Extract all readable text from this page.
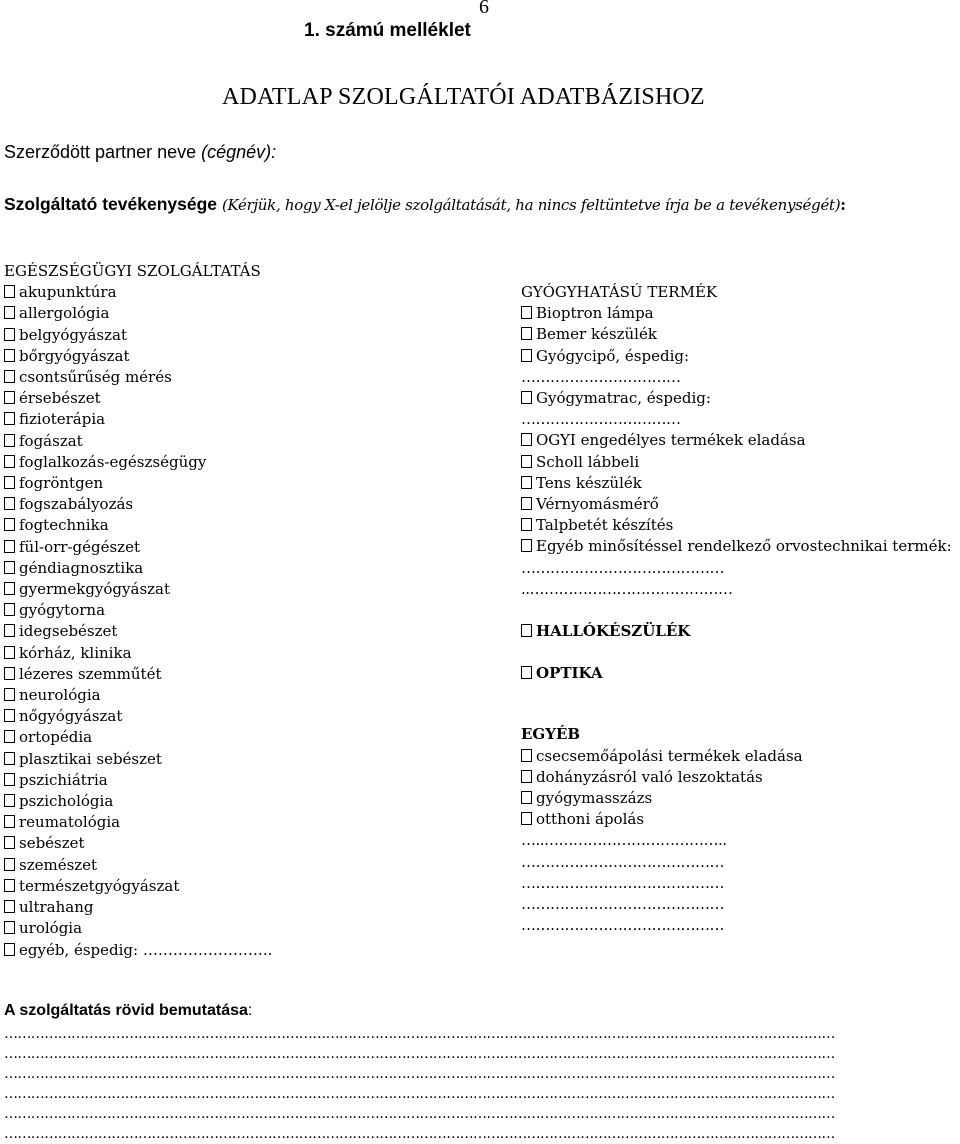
6
1. számú melléklet
ADATLAP SZOLGÁLTATÓI ADATBÁZISHOZ
Szerződött partner neve (cégnév):
Szolgáltató tevékenysége (Kérjük, hogy X-el jelölje szolgáltatását, ha nincs feltüntetve írja be a tevékenységét):
EGÉSZSÉGÜGYI SZOLGÁLTATÁS
akupunktúra
allergológia
belgyógyászat
bőrgyógyászat
csontsűrűség mérés
érsebészet
fizioterápia
fogászat
foglalkozás-egészségügy
fogröntgen
fogszabályozás
fogtechnika
fül-orr-gégészet
géndiagnosztika
gyermekgyógyászat
gyógytorna
idegsebészet
kórház, klinika
lézeres szemműtét
neurológia
nőgyógyászat
ortopédia
plasztikai sebészet
pszichiátria
pszichológia
reumatológia
sebészet
szemészet
természetgyógyászat
ultrahang
urológia
egyéb, éspedig: ……………………..
GYÓGYHATÁSÚ TERMÉK
Bioptron lámpa
Bemer készülék
Gyógycipő, éspedig:
……………………………
Gyógymatrac, éspedig:
……………………………
OGYI engedélyes termékek eladása
Scholl lábbeli
Tens készülék
Vérnyomásmérő
Talpbetét készítés
Egyéb minősítéssel rendelkező orvostechnikai termék:
……………………………………
..……………………………………
HALLÓKÉSZÜLÉK
OPTIKA
EGYÉB
csecsemőápolási termékek eladása
dohányzásról való leszoktatás
gyógymasszázs
otthoni ápolás
…..………………………………..
……………………………………
……………………………………
……………………………………
……………………………………
A szolgáltatás rövid bemutatása:
……………………………………………………………………………………………………………………………………………………………………
……………………………………………………………………………………………………………………………………………………………………
……………………………………………………………………………………………………………………………………………………………………
……………………………………………………………………………………………………………………………………………………………………
……………………………………………………………………………………………………………………………………………………………………
……………………………………………………………………………………………………………………………………………………………………
